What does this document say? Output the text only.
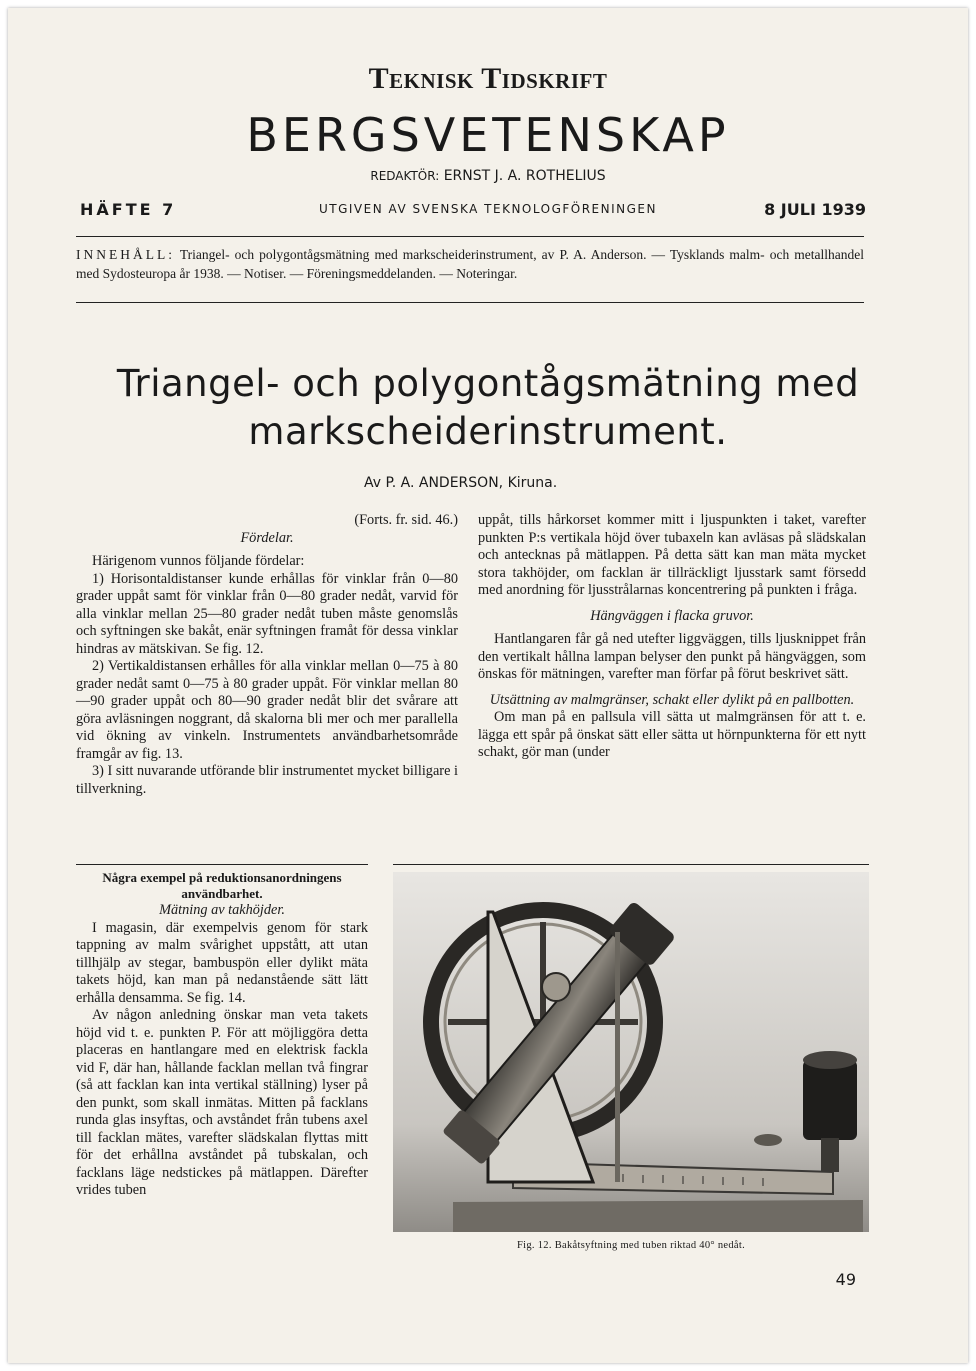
Teknisk Tidskrift
BERGSVETENSKAP
REDAKTÖR: ERNST J. A. ROTHELIUS
HÄFTE 7	UTGIVEN AV SVENSKA TEKNOLOGFÖRENINGEN	8 JULI 1939
INNEHÅLL: Triangel- och polygontågsmätning med markscheiderinstrument, av P. A. Anderson. — Tysklands malm- och metallhandel med Sydosteuropa år 1938. — Notiser. — Föreningsmeddelanden. — Noteringar.
Triangel- och polygontågsmätning med
markscheiderinstrument.
Av P. A. ANDERSON, Kiruna.

(Forts. fr. sid. 46.)

Fördelar.

Härigenom vunnos följande fördelar:

1) Horisontaldistanser kunde erhållas för vinklar från 0—80 grader uppåt samt för vinklar från 0—80 grader nedåt, varvid för alla vinklar mellan 25—80 grader nedåt tuben måste genomslås och syftningen ske bakåt, enär syftningen framåt för dessa vinklar hindras av mätskivan. Se fig. 12.

2) Vertikaldistansen erhålles för alla vinklar mellan 0—75 à 80 grader nedåt samt 0—75 à 80 grader uppåt. För vinklar mellan 80—90 grader uppåt och 80—90 grader nedåt blir det svårare att göra avläsningen noggrant, då skalorna bli mer och mer parallella vid ökning av vinkeln. Instrumentets användbarhetsområde framgår av fig. 13.

3) I sitt nuvarande utförande blir instrumentet mycket billigare i tillverkning.

uppåt, tills hårkorset kommer mitt i ljuspunkten i taket, varefter punkten P:s vertikala höjd över tubaxeln kan avläsas på slädskalan och antecknas på mätlappen. På detta sätt kan man mäta mycket stora takhöjder, om facklan är tillräckligt ljusstark samt försedd med anordning för ljusstrålarnas koncentrering på punkten i fråga.

Hängväggen i flacka gruvor.

Hantlangaren får gå ned utefter liggväggen, tills ljusknippet från den vertikalt hållna lampan belyser den punkt på hängväggen, som önskas för mätningen, varefter man förfar på förut beskrivet sätt.

Utsättning av malmgränser, schakt eller dylikt på en pallbotten.

Om man på en pallsula vill sätta ut malmgränsen för att t. e. lägga ett spår på önskat sätt eller sätta ut hörnpunkterna för ett nytt schakt, gör man (under

Några exempel på reduktionsanordningens användbarhet.

Mätning av takhöjder.

I magasin, där exempelvis genom för stark tappning av malm svårighet uppstått, att utan tillhjälp av stegar, bambuspön eller dylikt mäta takets höjd, kan man på nedanstående sätt lätt erhålla densamma. Se fig. 14.

Av någon anledning önskar man veta takets höjd vid t. e. punkten P. För att möjliggöra detta placeras en hantlangare med en elektrisk fackla vid F, där han, hållande facklan mellan två fingrar (så att facklan kan inta vertikal ställning) lyser på den punkt, som skall inmätas. Mitten på facklans runda glas insyftas, och avståndet från tubens axel till facklan mätes, varefter slädskalan flyttas mitt för det erhållna avståndet på tubskalan, och facklans läge nedstickes på mätlappen. Därefter vrides tuben

Fig. 12. Bakåtsyftning med tuben riktad 40° nedåt.
49
